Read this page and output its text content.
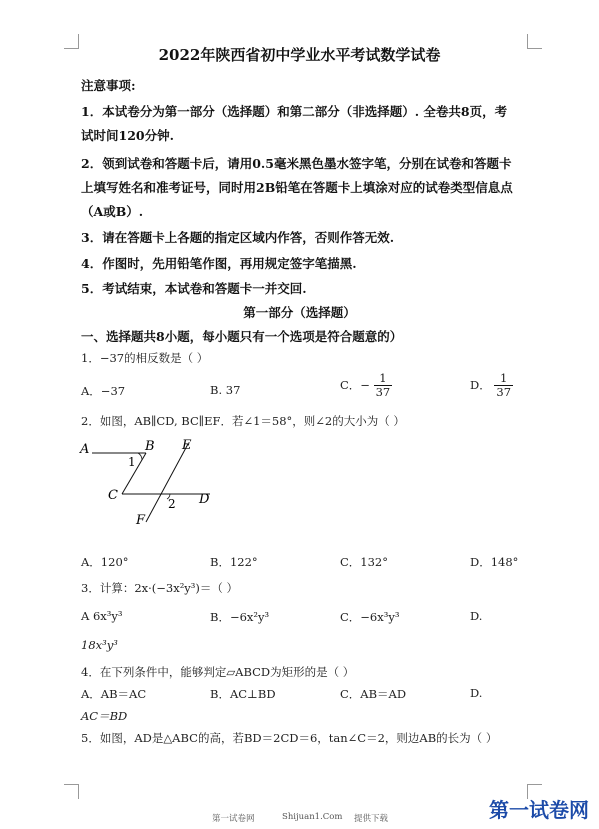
2022年陕西省初中学业水平考试数学试卷
注意事项:
1．本试卷分为第一部分（选择题）和第二部分（非选择题）. 全卷共8页，考
试时间120分钟.
2．领到试卷和答题卡后，请用0.5毫米黑色墨水签字笔，分别在试卷和答题卡
上填写姓名和准考证号，同时用2B铅笔在答题卡上填涂对应的试卷类型信息点
（A或B）.
3．请在答题卡上各题的指定区域内作答，否则作答无效.
4．作图时，先用铅笔作图，再用规定签字笔描黑.
5．考试结束，本试卷和答题卡一并交回.
第一部分（选择题）
一、选择题共8小题，每小题只有一个选项是符合题意的）
1．−37的相反数是（ ）
A．−37	B. 37	C．− $\frac{1}{37}$	D． $\frac{1}{37}$
2．如图，AB∥CD, BC∥EF．若∠1＝58°，则∠2的大小为（ ）
A	B E
1
C
2 D
F
A．120°	B．122°	C．132°	D．148°
3．计算：2x·(−3x²y³)＝（ ）
A 6x³y³	B．−6x²y³	C．−6x³y³	D.
18x³y³
4．在下列条件中，能够判定▱ABCD为矩形的是（ ）
A．AB＝AC	B．AC⊥BD	C．AB＝AD	D.
AC＝BD
5．如图，AD是△ABC的高，若BD＝2CD＝6，tan∠C＝2，则边AB的长为（ ）
第一试卷网	Shijuan1.Com 提供下载	第一试卷网
